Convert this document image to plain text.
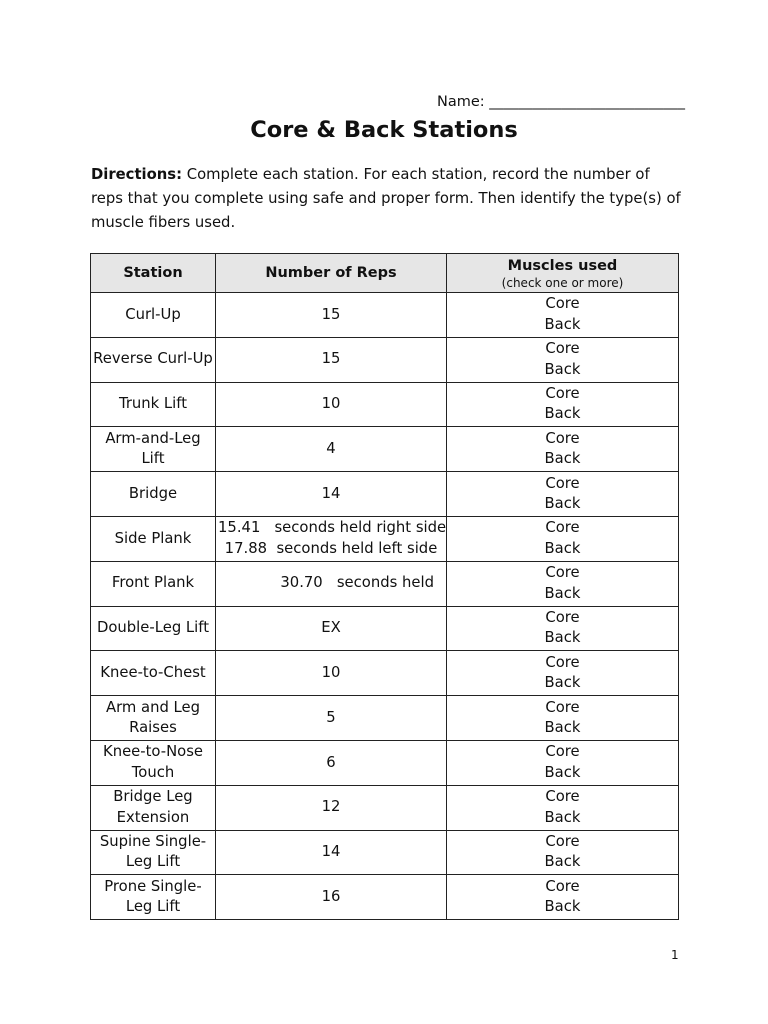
Name: ___________________________
Core & Back Stations
Directions: Complete each station. For each station, record the number of reps that you complete using safe and proper form. Then identify the type(s) of muscle fibers used.
Station	Number of Reps	Muscles used
(check one or more)

Curl-Up	15	Core
Back

Reverse Curl-Up	15	Core
Back

Trunk Lift	10	Core
Back

Arm-and-Leg Lift	4	Core
Back

Bridge	14	Core
Back

Side Plank	15.41   seconds held right side
17.88  seconds held left side	Core
Back

Front Plank	30.70   seconds held	Core
Back

Double-Leg Lift	EX	Core
Back

Knee-to-Chest	10	Core
Back

Arm and Leg Raises	5	Core
Back

Knee-to-Nose Touch	6	Core
Back

Bridge Leg Extension	12	Core
Back

Supine Single-Leg Lift	14	Core
Back

Prone Single-Leg Lift	16	Core
Back
1
